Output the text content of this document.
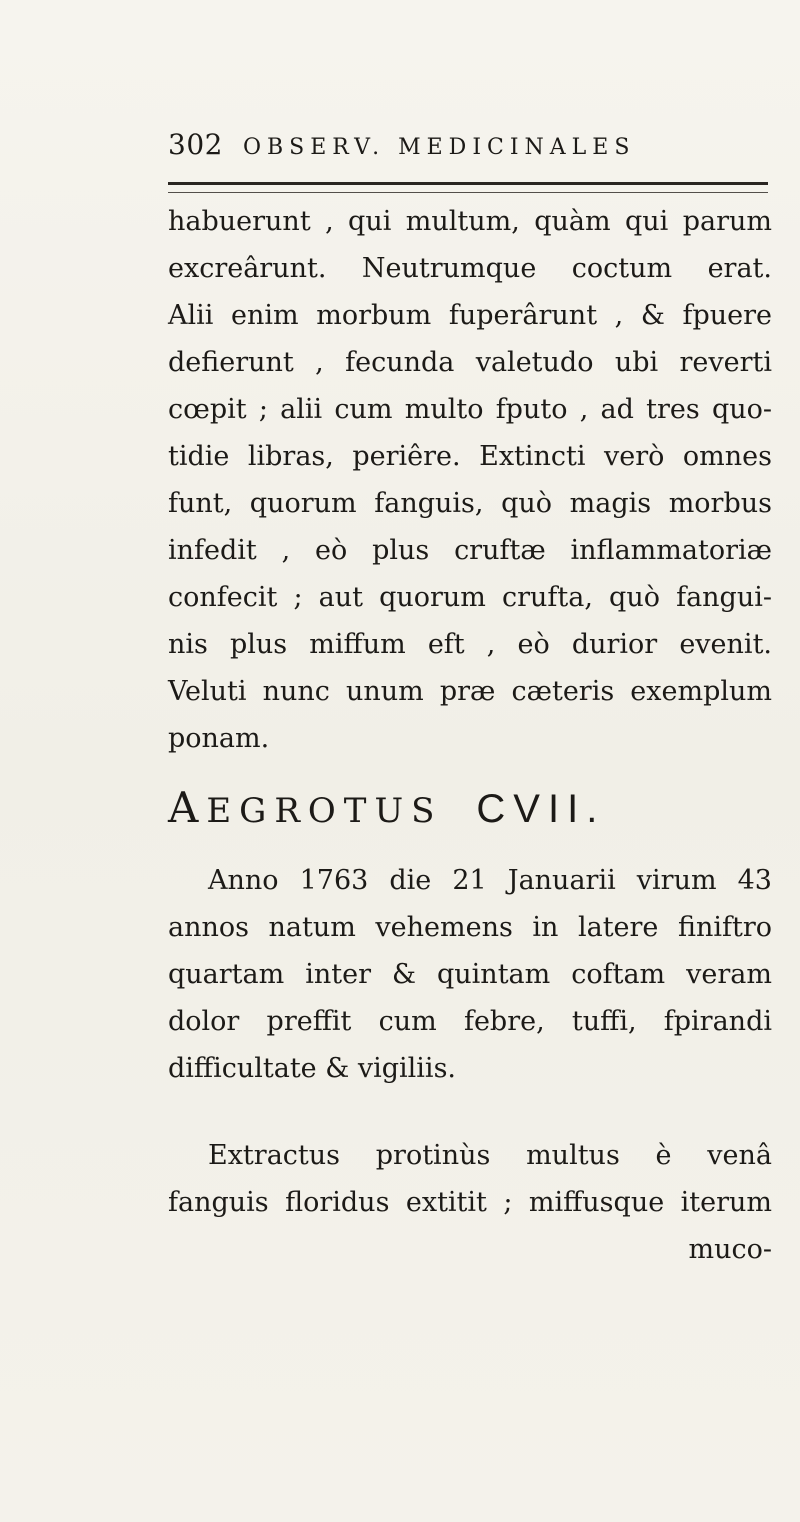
302 OBSERV. MEDICINALES
habuerunt , qui multum, quàm qui parum
excreârunt. Neutrumque coctum erat.
Alii enim morbum fuperârunt , & fpuere
defierunt , fecunda valetudo ubi reverti
cœpit ; alii cum multo fputo , ad tres quo-
tidie libras, periêre. Extincti verò omnes
funt, quorum fanguis, quò magis morbus
infedit , eò plus cruftæ inflammatoriæ
confecit ; aut quorum crufta, quò fangui-
nis plus miffum eft , eò durior evenit.
Veluti nunc unum præ cæteris exemplum
ponam.
AEGROTUS CVII.
Anno 1763 die 21 Januarii virum 43
annos natum vehemens in latere finiftro
quartam inter & quintam coftam veram
dolor preffit cum febre, tuffi, fpirandi
difficultate & vigiliis.
Extractus protinùs multus è venâ
fanguis floridus extitit ; miffusque iterum
muco-
